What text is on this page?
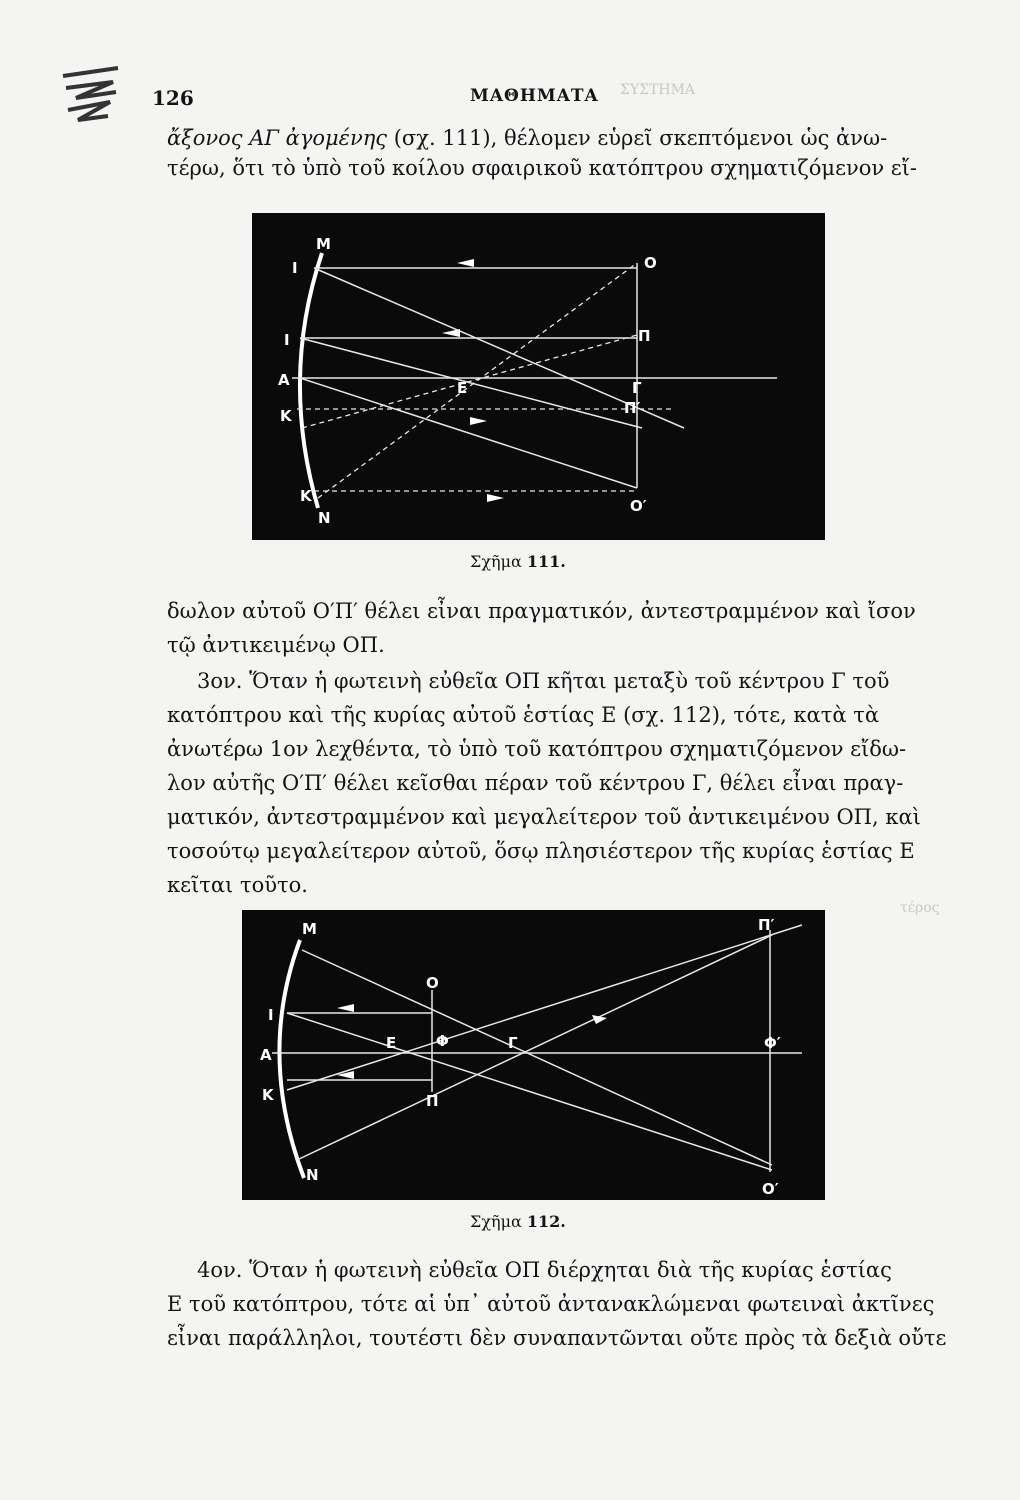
126	ΜΑΘΗΜΑΤΑ ΣΥΣΤΗΜΑ
ἄξονος ΑΓ ἀγομένης (σχ. 111), θέλομεν εὑρεῖ σκεπτόμενοι ὡς ἀνω-
τέρω, ὅτι τὸ ὑπὸ τοῦ κοίλου σφαιρικοῦ κατόπτρου σχηματιζόμενον εἴ-
Μ
Ι
Ι
Α
Κ
Κ
Ν
Ο
Π
Ε	Γ
Π′
Ο′
Σχῆμα 111.
δωλον αὐτοῦ Ο′Π′ θέλει εἶναι πραγματικόν, ἀντεστραμμένον καὶ ἴσον
τῷ ἀντικειμένῳ ΟΠ.
3ον. Ὅταν ἡ φωτεινὴ εὐθεῖα ΟΠ κῆται μεταξὺ τοῦ κέντρου Γ τοῦ
κατόπτρου καὶ τῆς κυρίας αὐτοῦ ἑστίας Ε (σχ. 112), τότε, κατὰ τὰ
ἀνωτέρω 1ον λεχθέντα, τὸ ὑπὸ τοῦ κατόπτρου σχηματιζόμενον εἴδω-
λον αὐτῆς Ο′Π′ θέλει κεῖσθαι πέραν τοῦ κέντρου Γ, θέλει εἶναι πραγ-
ματικόν, ἀντεστραμμένον καὶ μεγαλείτερον τοῦ ἀντικειμένου ΟΠ, καὶ
τοσούτῳ μεγαλείτερον αὐτοῦ, ὅσῳ πλησιέστερον τῆς κυρίας ἑστίας Ε
κεῖται τοῦτο.
Μ
Ι
Α
Κ
Ν
Ο
Ε	Φ
Π
Γ
Π′
Φ′
Ο′
Σχῆμα 112.
τέρος
4ον. Ὅταν ἡ φωτεινὴ εὐθεῖα ΟΠ διέρχηται διὰ τῆς κυρίας ἑστίας
Ε τοῦ κατόπτρου, τότε αἱ ὑπ᾽ αὐτοῦ ἀντανακλώμεναι φωτειναὶ ἀκτῖνες
εἶναι παράλληλοι, τουτέστι δὲν συναπαντῶνται οὔτε πρὸς τὰ δεξιὰ οὔτε
